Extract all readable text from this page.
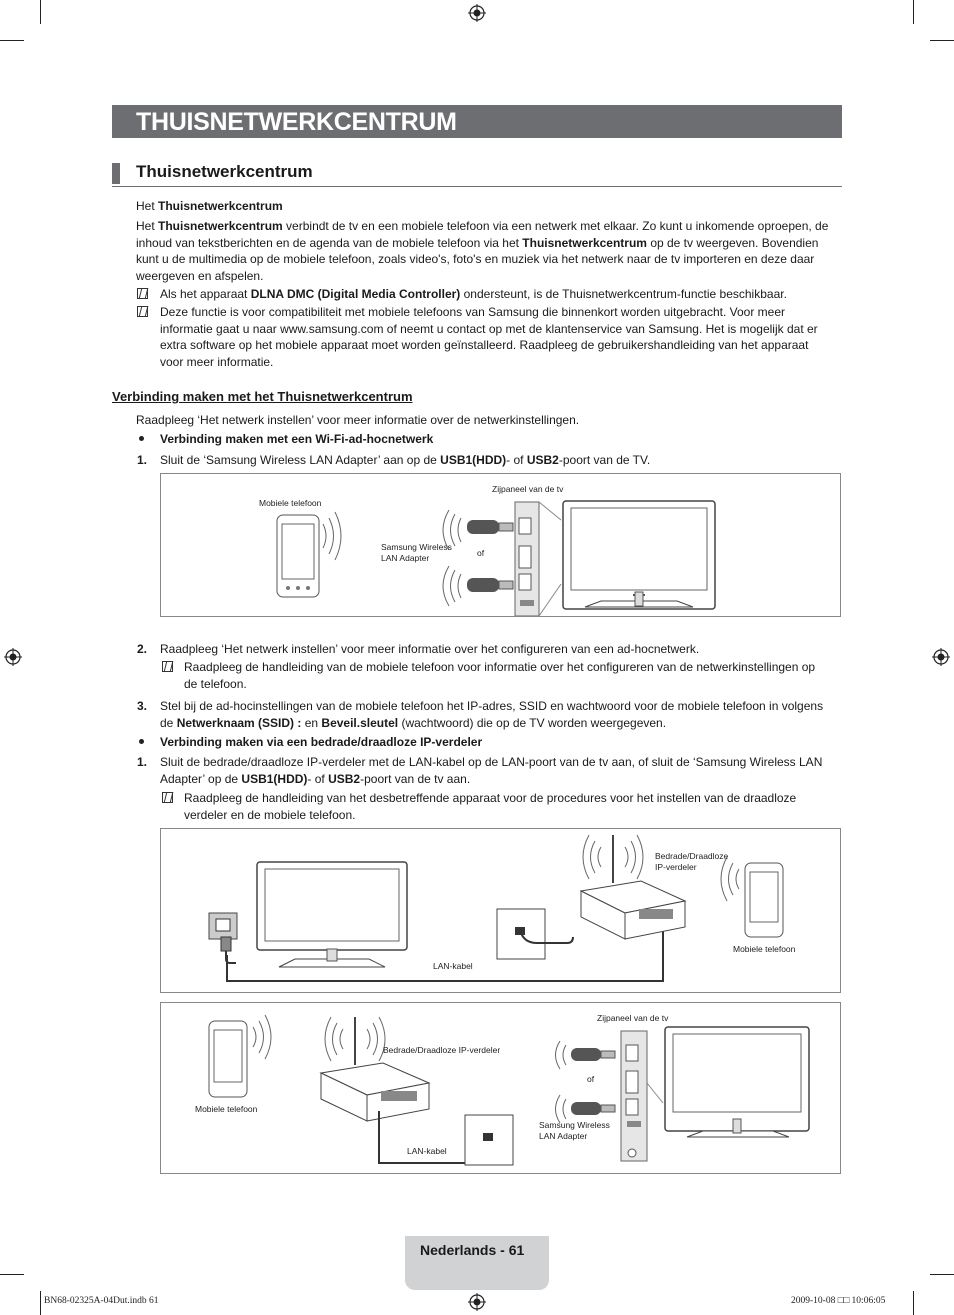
THUISNETWERKCENTRUM
Thuisnetwerkcentrum
Het Thuisnetwerkcentrum
Het Thuisnetwerkcentrum verbindt de tv en een mobiele telefoon via een netwerk met elkaar. Zo kunt u inkomende oproepen, de
inhoud van tekstberichten en de agenda van de mobiele telefoon via het Thuisnetwerkcentrum op de tv weergeven. Bovendien
kunt u de multimedia op de mobiele telefoon, zoals video's, foto's en muziek via het netwerk naar de tv importeren en deze daar
weergeven en afspelen.
Als het apparaat DLNA DMC (Digital Media Controller) ondersteunt, is de Thuisnetwerkcentrum-functie beschikbaar.
Deze functie is voor compatibiliteit met mobiele telefoons van Samsung die binnenkort worden uitgebracht. Voor meer
informatie gaat u naar www.samsung.com of neemt u contact op met de klantenservice van Samsung. Het is mogelijk dat er
extra software op het mobiele apparaat moet worden geïnstalleerd. Raadpleeg de gebruikershandleiding van het apparaat
voor meer informatie.
Verbinding maken met het Thuisnetwerkcentrum
Raadpleeg ‘Het netwerk instellen’ voor meer informatie over de netwerkinstellingen.
Verbinding maken met een Wi-Fi-ad-hocnetwerk
1. Sluit de ‘Samsung Wireless LAN Adapter’ aan op de USB1(HDD)- of USB2-poort van de TV.
Mobiele telefoon
Zijpaneel van de tv
Samsung Wireless
LAN Adapter	of
2. Raadpleeg ‘Het netwerk instellen’ voor meer informatie over het configureren van een ad-hocnetwerk.
Raadpleeg de handleiding van de mobiele telefoon voor informatie over het configureren van de netwerkinstellingen op
de telefoon.
3. Stel bij de ad-hocinstellingen van de mobiele telefoon het IP-adres, SSID en wachtwoord voor de mobiele telefoon in volgens
de Netwerknaam (SSID) : en Beveil.sleutel (wachtwoord) die op de TV worden weergegeven.
Verbinding maken via een bedrade/draadloze IP-verdeler
1. Sluit de bedrade/draadloze IP-verdeler met de LAN-kabel op de LAN-poort van de tv aan, of sluit de ‘Samsung Wireless LAN
Adapter’ op de USB1(HDD)- of USB2-poort van de tv aan.
Raadpleeg de handleiding van het desbetreffende apparaat voor de procedures voor het instellen van de draadloze
verdeler en de mobiele telefoon.
Bedrade/Draadloze
IP-verdeler
Mobiele telefoon
LAN-kabel
Mobiele telefoon
Bedrade/Draadloze IP-verdeler
Zijpaneel van de tv
Samsung Wireless
LAN Adapter
of
LAN-kabel
Nederlands - 61
BN68-02325A-04Dut.indb 61	2009-10-08 □□ 10:06:05
